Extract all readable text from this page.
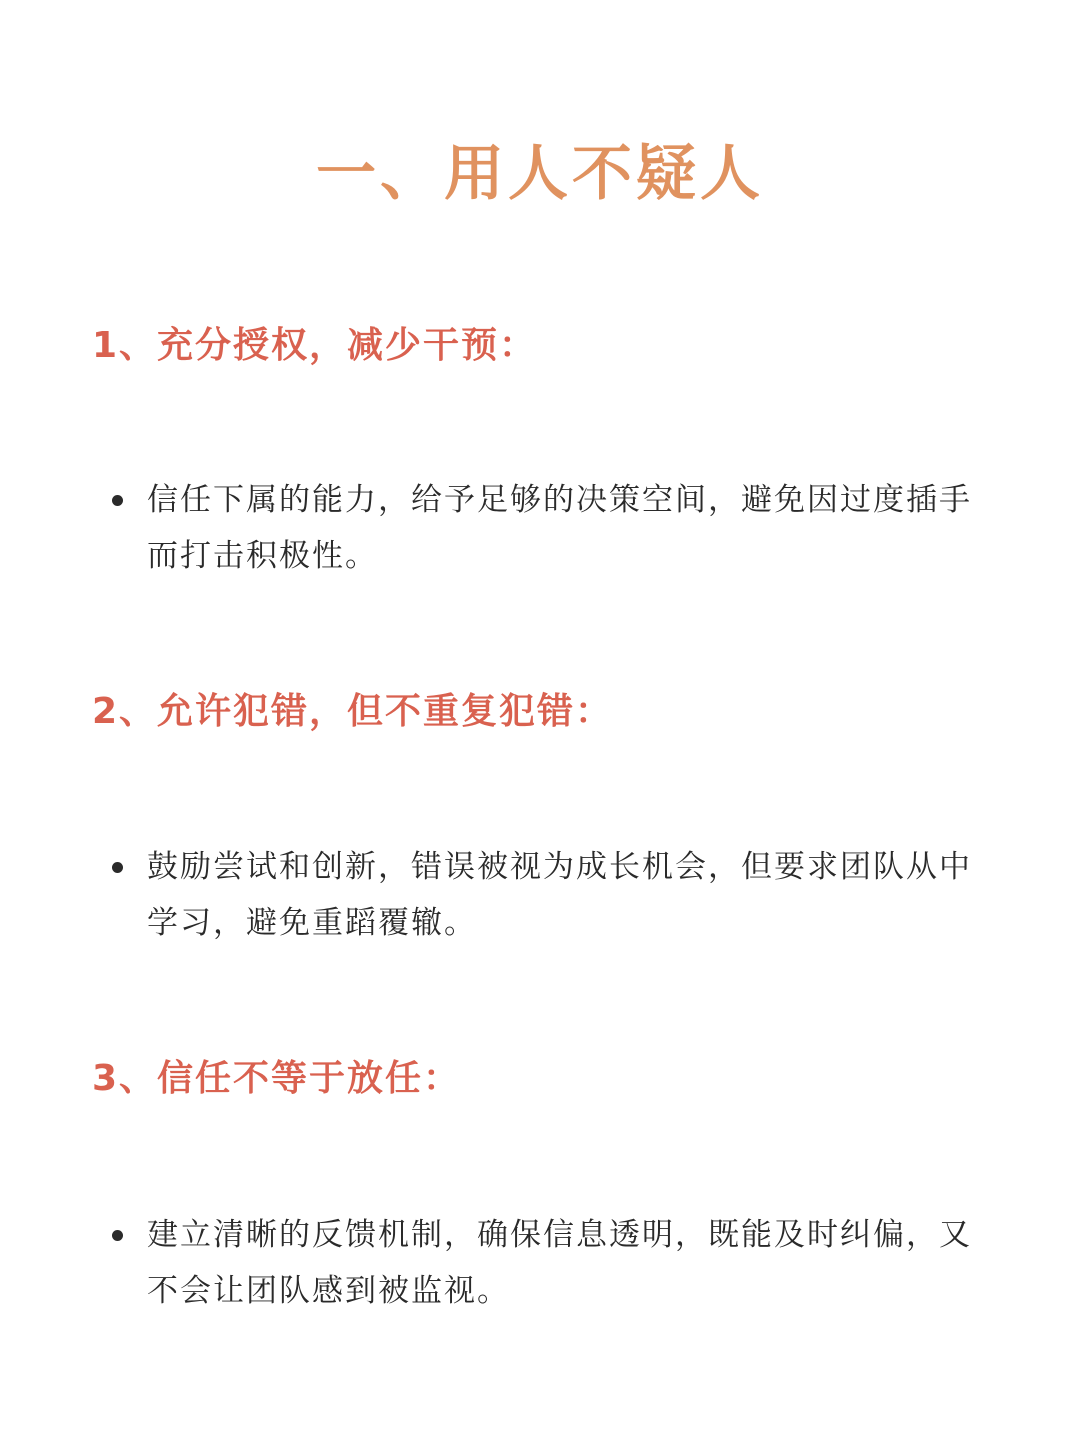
一、用人不疑人
1、充分授权，减少干预：
信任下属的能力，给予足够的决策空间，避免因过度插手而打击积极性。
2、允许犯错，但不重复犯错：
鼓励尝试和创新，错误被视为成长机会，但要求团队从中学习，避免重蹈覆辙。
3、信任不等于放任：
建立清晰的反馈机制，确保信息透明，既能及时纠偏，又不会让团队感到被监视。
